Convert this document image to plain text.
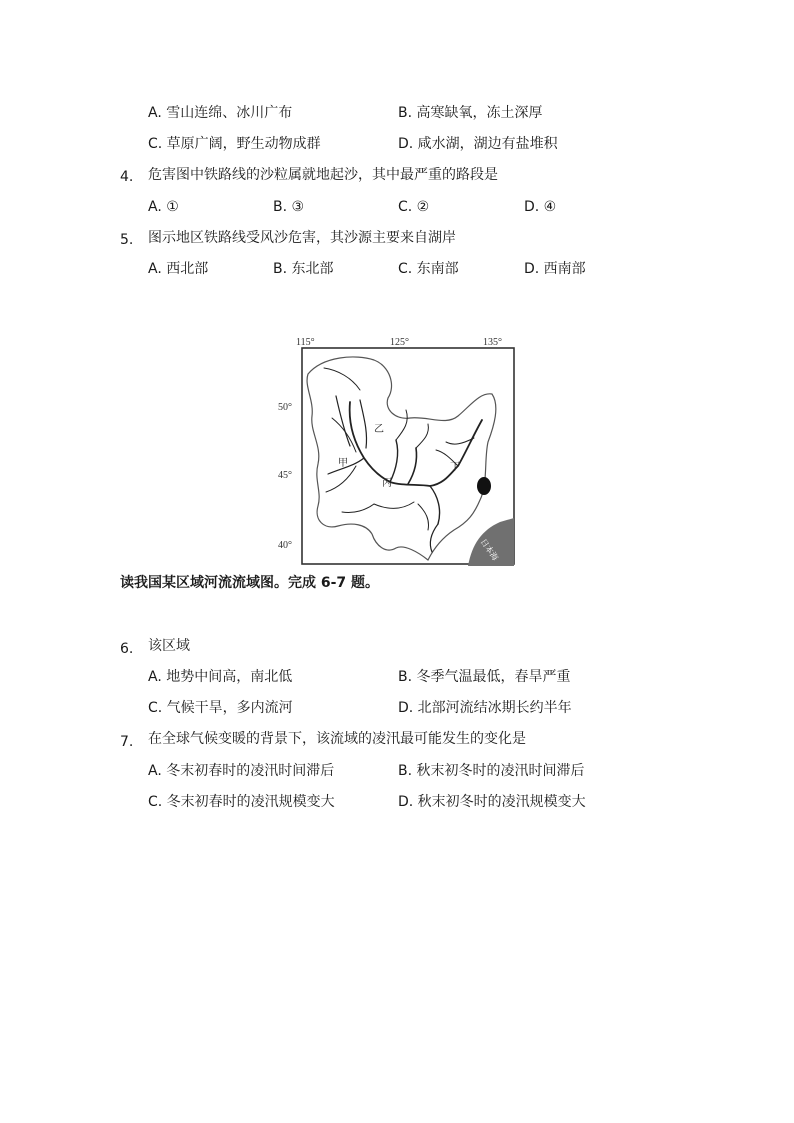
A. 雪山连绵、冰川广布	B. 高寒缺氧，冻土深厚
C. 草原广阔，野生动物成群	D. 咸水湖，湖边有盐堆积
4. 危害图中铁路线的沙粒属就地起沙，其中最严重的路段是
A. ①	B. ③	C. ②	D. ④
5. 图示地区铁路线受风沙危害，其沙源主要来自湖岸
A. 西北部	B. 东北部	C. 东南部	D. 西南部
115°	125°	135°
50°
45°
40°	日本海
乙
甲
丙
丁
读我国某区域河流流域图。完成 6-7 题。
6. 该区域
A. 地势中间高，南北低	B. 冬季气温最低，春旱严重
C. 气候干旱，多内流河	D. 北部河流结冰期长约半年
7. 在全球气候变暖的背景下，该流域的凌汛最可能发生的变化是
A. 冬末初春时的凌汛时间滞后	B. 秋末初冬时的凌汛时间滞后
C. 冬末初春时的凌汛规模变大	D. 秋末初冬时的凌汛规模变大
